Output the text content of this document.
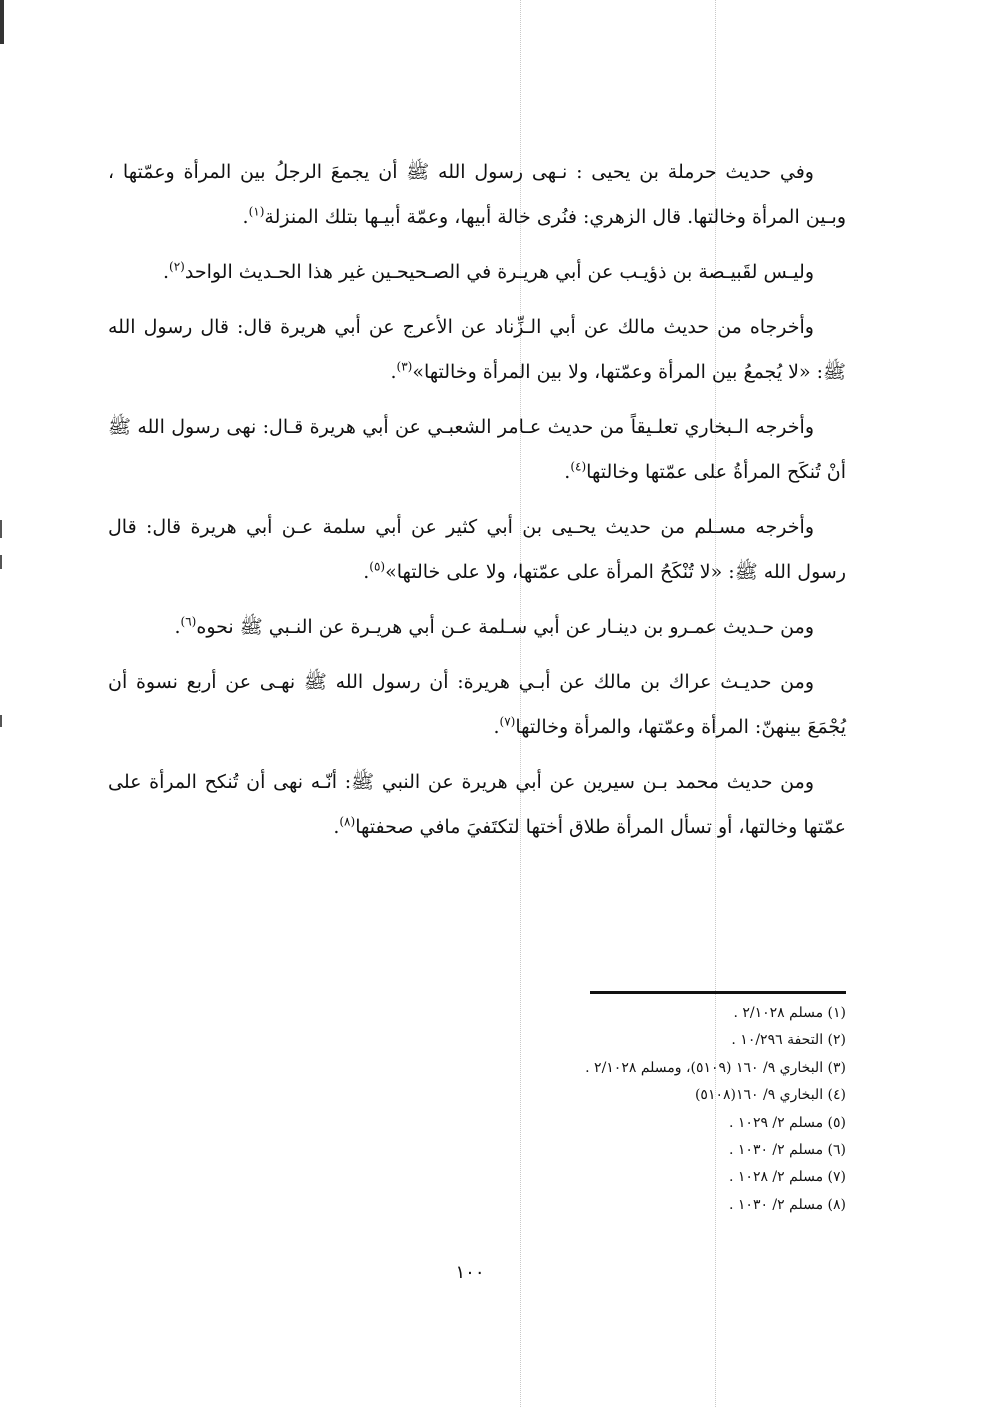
وفي حديث حرملة بن يحيى : نـهى رسول الله ﷺ أن يجمعَ الرجلُ بين المرأة وعمّتها ، وبـين المرأة وخالتها. قال الزهري: فنُرى خالة أبيها، وعمّة أبيـها بتلك المنزلة$^{(١)}$.

وليـس لقَبيـصة بن ذؤيـب عن أبي هريـرة في الصـحيحـين غير هذا الحـديث الواحد$^{(٢)}$.

وأخرجاه من حديث مالك عن أبي الـزِّناد عن الأعرج عن أبي هريرة قال: قال رسول الله ﷺ: «لا يُجمعُ بين المرأة وعمّتها، ولا بين المرأة وخالتها»$^{(٣)}$.

وأخرجه الـبخاري تعلـيقاً من حديث عـامر الشعبـي عن أبي هريرة قـال: نهى رسول الله ﷺ أنْ تُنكَح المرأةُ على عمّتها وخالتها$^{(٤)}$.

وأخرجه مسـلم من حديث يحـيى بن أبي كثير عن أبي سلمة عـن أبي هريرة قال: قال رسول الله ﷺ: «لا تُنْكَحُ المرأة على عمّتها، ولا على خالتها»$^{(٥)}$.

ومن حـديث عمـرو بن دينـار عن أبي سـلمة عـن أبي هريـرة عن النـبي ﷺ نحوه$^{(٦)}$.

ومن حديـث عراك بن مالك عن أبـي هريرة: أن رسول الله ﷺ نهـى عن أربع نسوة أن يُجْمَعَ بينهنّ: المرأة وعمّتها، والمرأة وخالتها$^{(٧)}$.

ومن حديث محمد بـن سيرين عن أبي هريرة عن النبي ﷺ: أنّـه نهى أن تُنكح المرأة على عمّتها وخالتها، أو تسأل المرأة طلاق أختها لتكتَفيَ مافي صحفتها$^{(٨)}$.

(١) مسلم ٢/١٠٢٨ .
(٢) التحفة ١٠/٢٩٦ .
(٣) البخاري ٩/ ١٦٠ (٥١٠٩)، ومسلم ٢/١٠٢٨ .
(٤) البخاري ٩/ ١٦٠(٥١٠٨)
(٥) مسلم ٢/ ١٠٢٩ .
(٦) مسلم ٢/ ١٠٣٠ .
(٧) مسلم ٢/ ١٠٢٨ .
(٨) مسلم ٢/ ١٠٣٠ .
١٠٠
